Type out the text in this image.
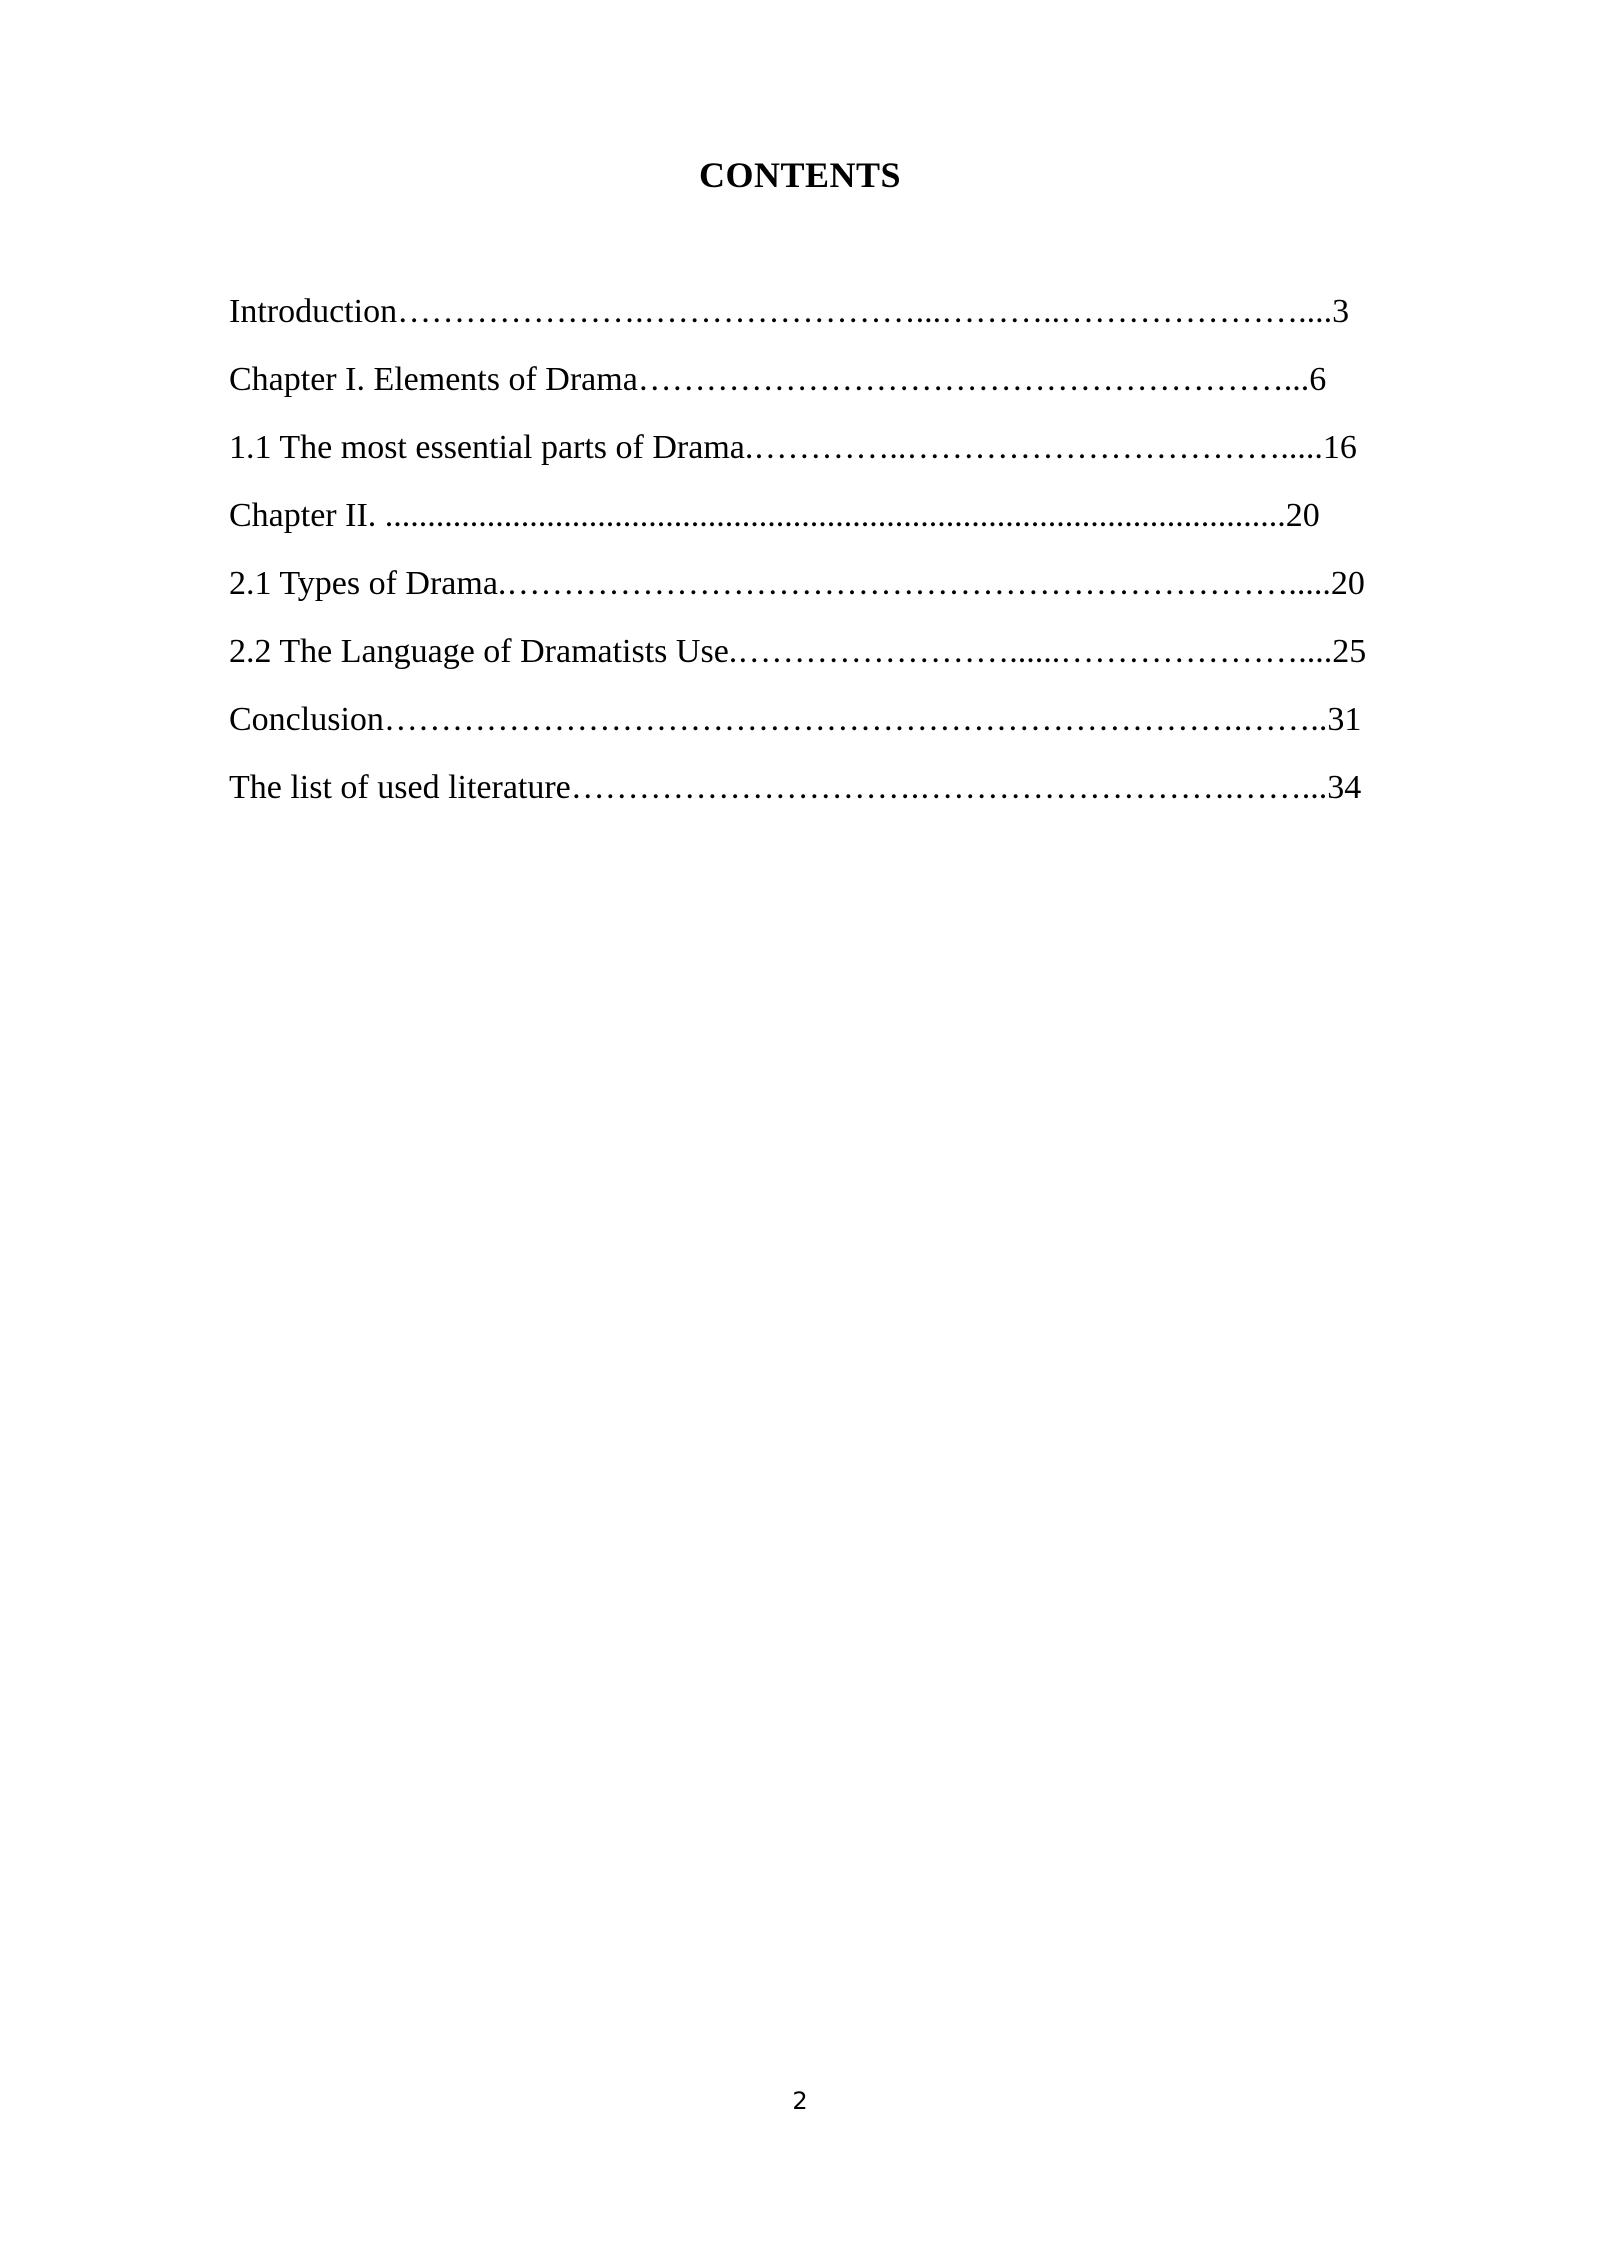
CONTENTS
Introduction………………….……………………...………..…………………....3
Chapter I. Elements of Drama…………………………………………………...6
1.1 The most essential parts of Drama.…………..…………………………….....16
Chapter II. ..........................................................................................................20
2.1 Types of Drama.…………………………………………………………….....20
2.2 The Language of Dramatists Use.……………………......…………………....25
Conclusion………………………………………………………………….……..31
The list of used literature………………………….……………………….……...34
2
